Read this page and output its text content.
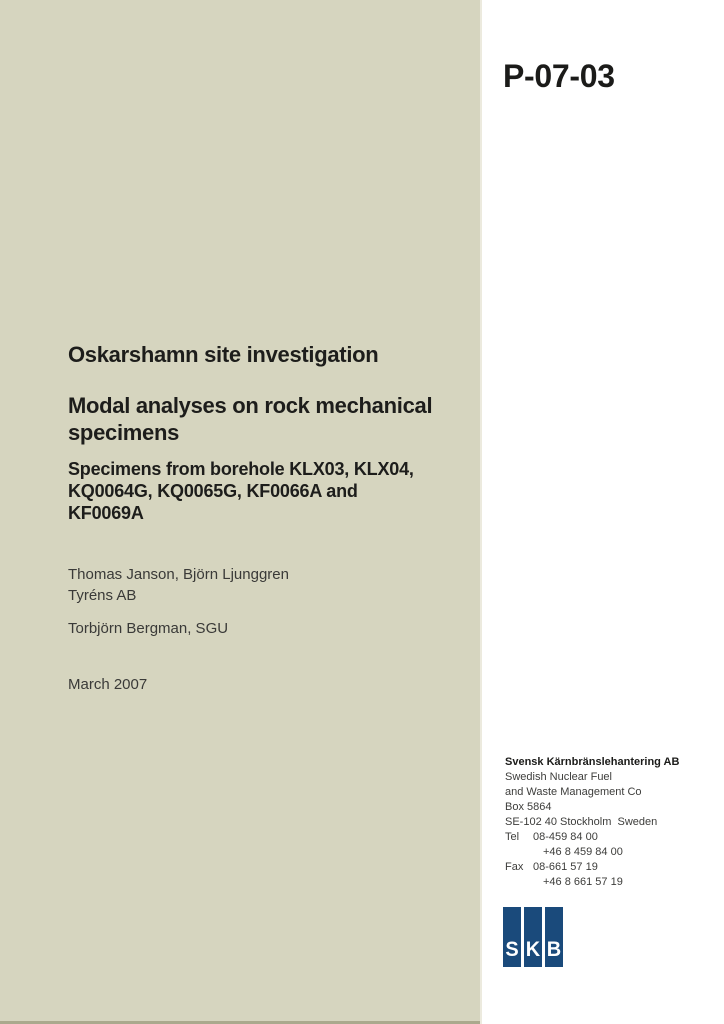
P-07-03
Oskarshamn site investigation
Modal analyses on rock mechanical
specimens
Specimens from borehole KLX03, KLX04,
KQ0064G, KQ0065G, KF0066A and
KF0069A
Thomas Janson, Björn Ljunggren
Tyréns AB
Torbjörn Bergman, SGU
March 2007
Svensk Kärnbränslehantering AB
Swedish Nuclear Fuel
and Waste Management Co
Box 5864
SE-102 40 Stockholm  Sweden
Tel	08-459 84 00
+46 8 459 84 00
Fax 08-661 57 19
+46 8 661 57 19
S K B
